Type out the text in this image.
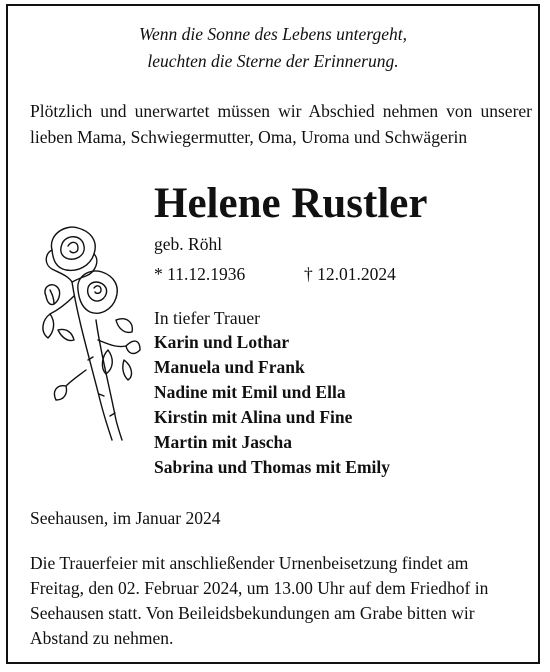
Wenn die Sonne des Lebens untergeht,
leuchten die Sterne der Erinnerung.
Plötzlich und unerwartet müssen wir Abschied nehmen von unserer lieben Mama, Schwiegermutter, Oma, Uroma und Schwägerin
Helene Rustler
geb. Röhl
* 11.12.1936	† 12.01.2024
In tiefer Trauer
Karin und Lothar
Manuela und Frank
Nadine mit Emil und Ella
Kirstin mit Alina und Fine
Martin mit Jascha
Sabrina und Thomas mit Emily
Seehausen, im Januar 2024
Die Trauerfeier mit anschließender Urnenbeisetzung findet am
Freitag, den 02. Februar 2024, um 13.00 Uhr auf dem Friedhof in
Seehausen statt. Von Beileidsbekundungen am Grabe bitten wir
Abstand zu nehmen.
